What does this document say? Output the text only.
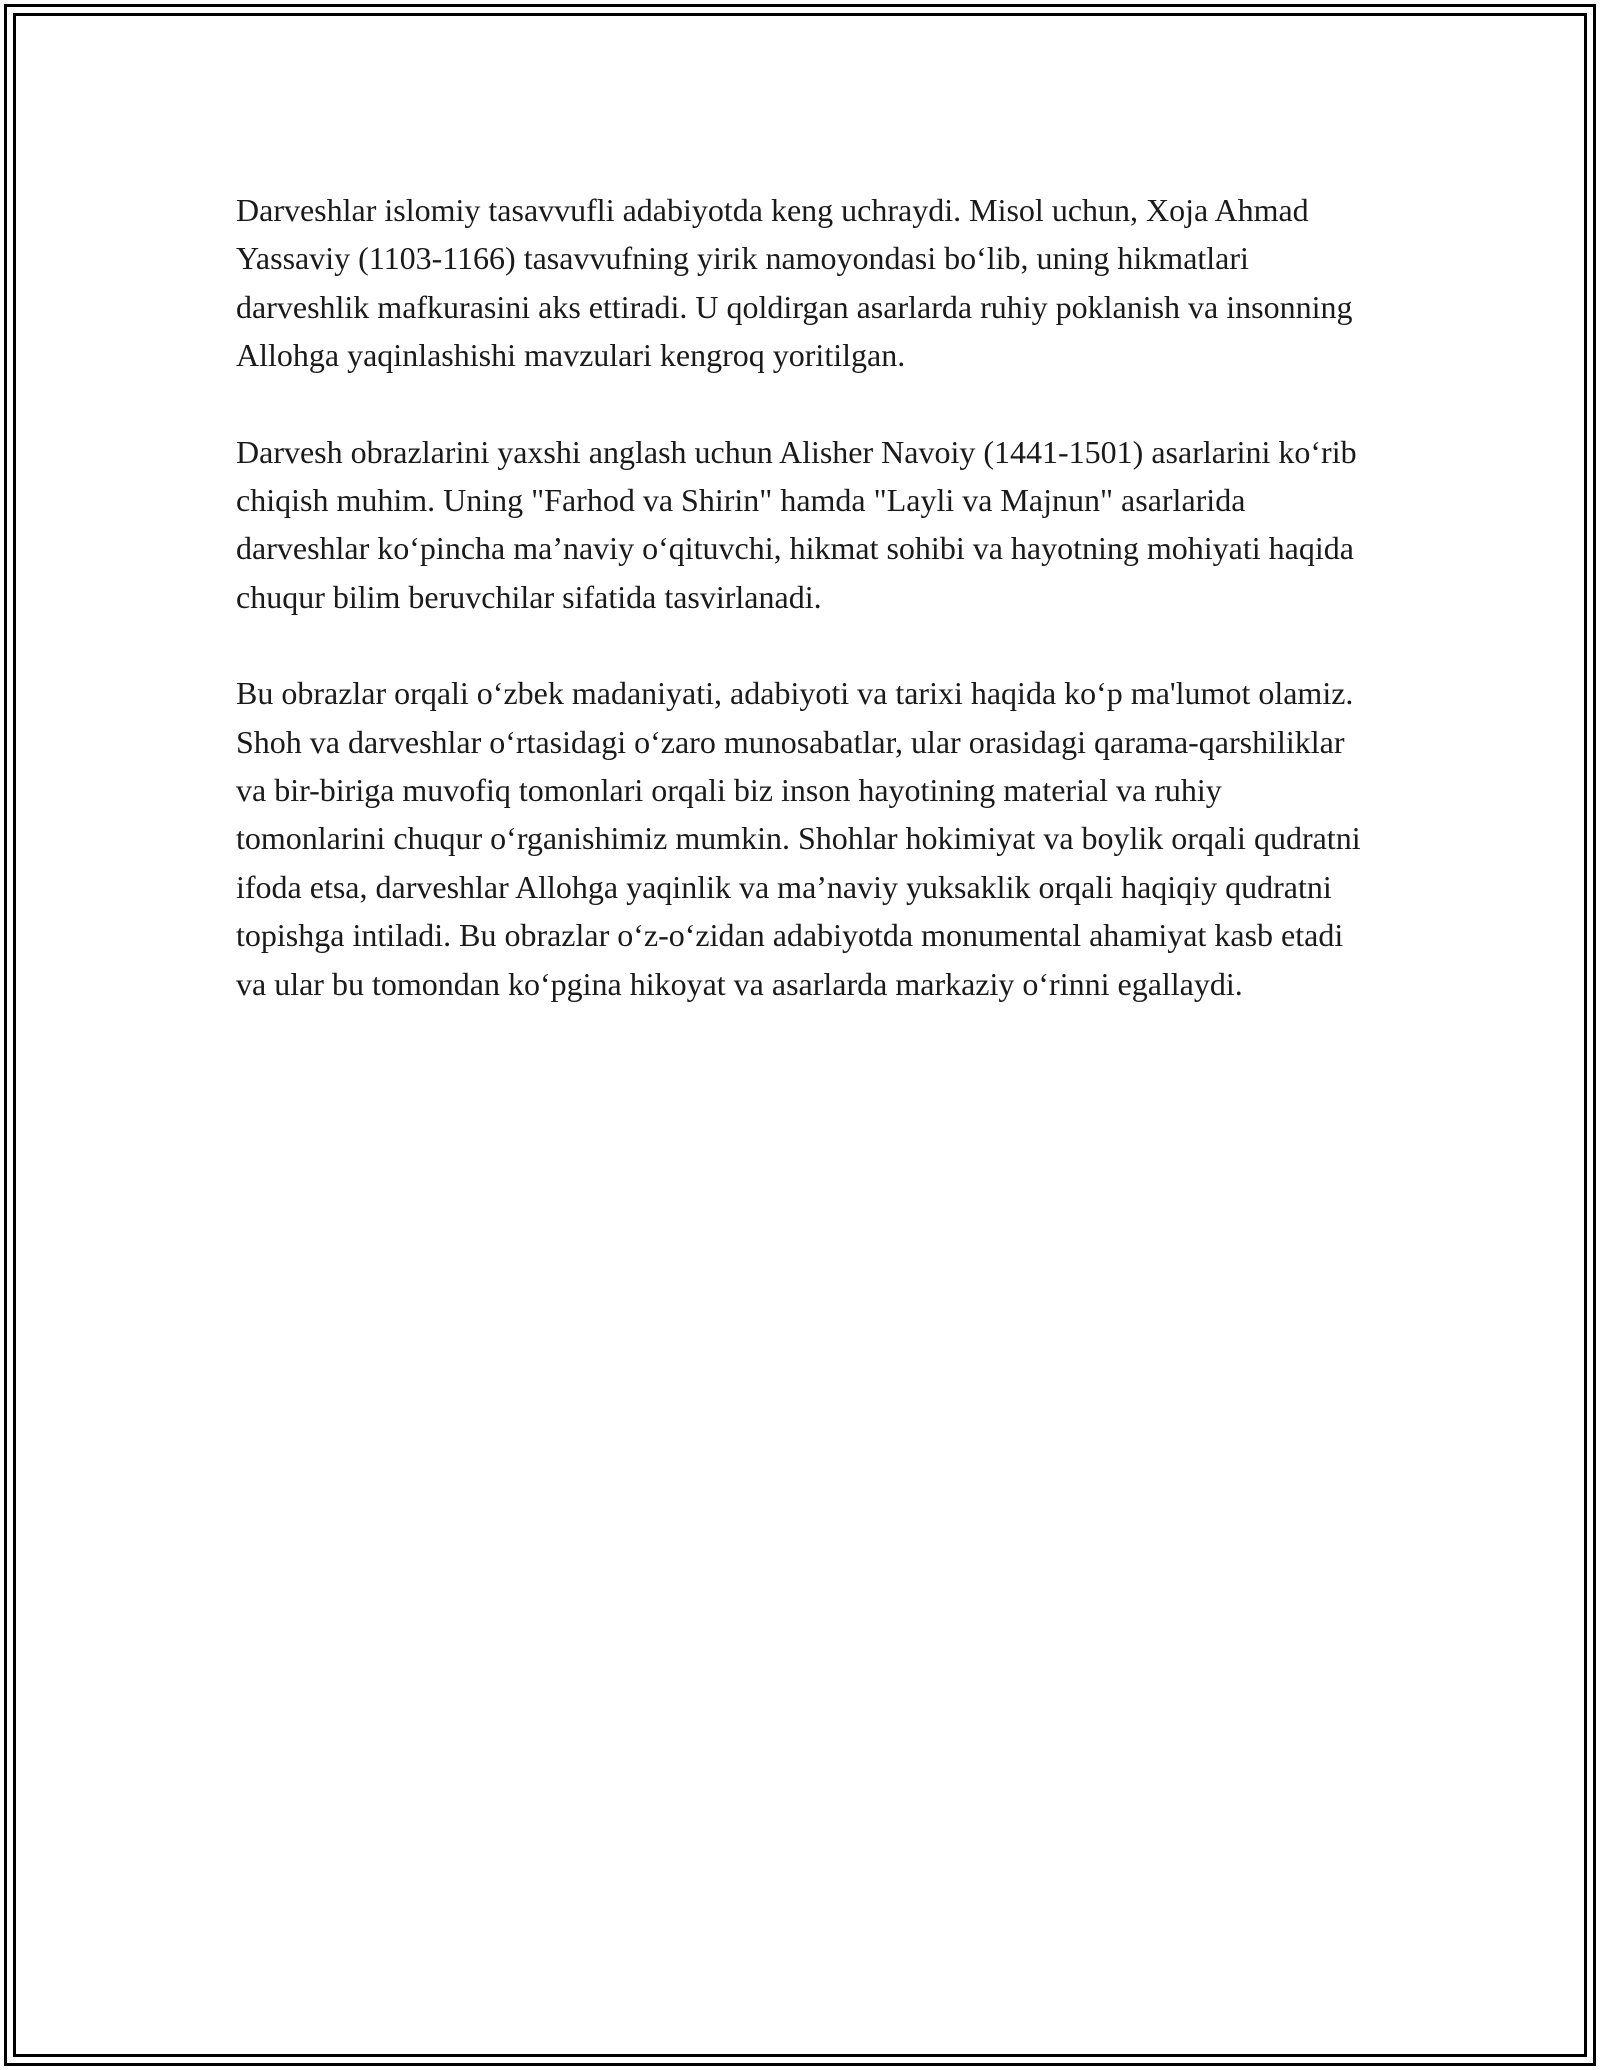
Darveshlar islomiy tasavvufli adabiyotda keng uchraydi. Misol uchun, Xoja Ahmad Yassaviy (1103-1166) tasavvufning yirik namoyondasi bo‘lib, uning hikmatlari darveshlik mafkurasini aks ettiradi. U qoldirgan asarlarda ruhiy poklanish va insonning Allohga yaqinlashishi mavzulari kengroq yoritilgan.

Darvesh obrazlarini yaxshi anglash uchun Alisher Navoiy (1441-1501) asarlarini ko‘rib chiqish muhim. Uning "Farhod va Shirin" hamda "Layli va Majnun" asarlarida darveshlar ko‘pincha ma’naviy o‘qituvchi, hikmat sohibi va hayotning mohiyati haqida chuqur bilim beruvchilar sifatida tasvirlanadi.

Bu obrazlar orqali o‘zbek madaniyati, adabiyoti va tarixi haqida ko‘p ma'lumot olamiz. Shoh va darveshlar o‘rtasidagi o‘zaro munosabatlar, ular orasidagi qarama-qarshiliklar va bir-biriga muvofiq tomonlari orqali biz inson hayotining material va ruhiy tomonlarini chuqur o‘rganishimiz mumkin. Shohlar hokimiyat va boylik orqali qudratni ifoda etsa, darveshlar Allohga yaqinlik va ma’naviy yuksaklik orqali haqiqiy qudratni topishga intiladi. Bu obrazlar o‘z-o‘zidan adabiyotda monumental ahamiyat kasb etadi va ular bu tomondan ko‘pgina hikoyat va asarlarda markaziy o‘rinni egallaydi.
